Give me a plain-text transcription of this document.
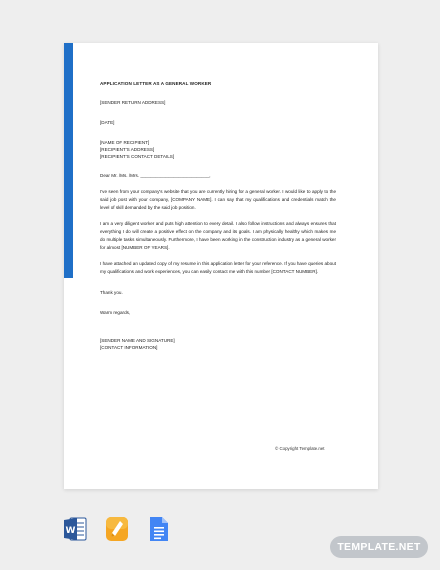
APPLICATION LETTER AS A GENERAL WORKER
[SENDER RETURN ADDRESS]
[DATE]
[NAME OF RECIPIENT]
[RECIPIENT'S ADDRESS]
[RECIPIENT'S CONTACT DETAILS]
Dear Mr. /Ms. /Mrs. ___________________________,

I've seen from your company's website that you are currently hiring for a general worker. I would like to apply to the said job post with your company, [COMPANY NAME]. I can say that my qualifications and credentials match the level of skill demanded by the said job position.

I am a very diligent worker and puts high attention to every detail. I also follow instructions and always ensures that everything I do will create a positive effect on the company and its goals. I am physically healthy which makes me do multiple tasks simultaneously. Furthermore, I have been working in the construction industry as a general worker for almost [NUMBER OF YEARS].

I have attached an updated copy of my resume in this application letter for your reference. If you have queries about my qualifications and work experiences, you can easily contact me with this number [CONTACT NUMBER].

Thank you.
Warm regards,
[SENDER NAME AND SIGNATURE]
[CONTACT INFORMATION]
© Copyright Template.net
W
TEMPLATE.NET
